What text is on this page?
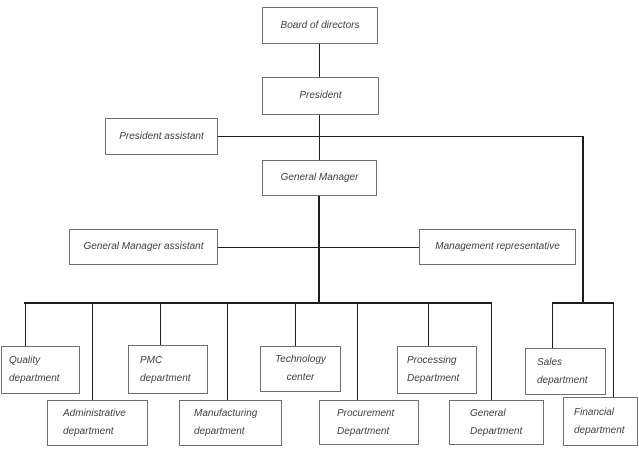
Board of directors
President
President assistant
General Manager
General Manager assistant	Management representative
Quality department
PMC department
Technology center
Processing Department
Sales department
Administrative department
Manufacturing department
Procurement Department
General Department
Financial department
